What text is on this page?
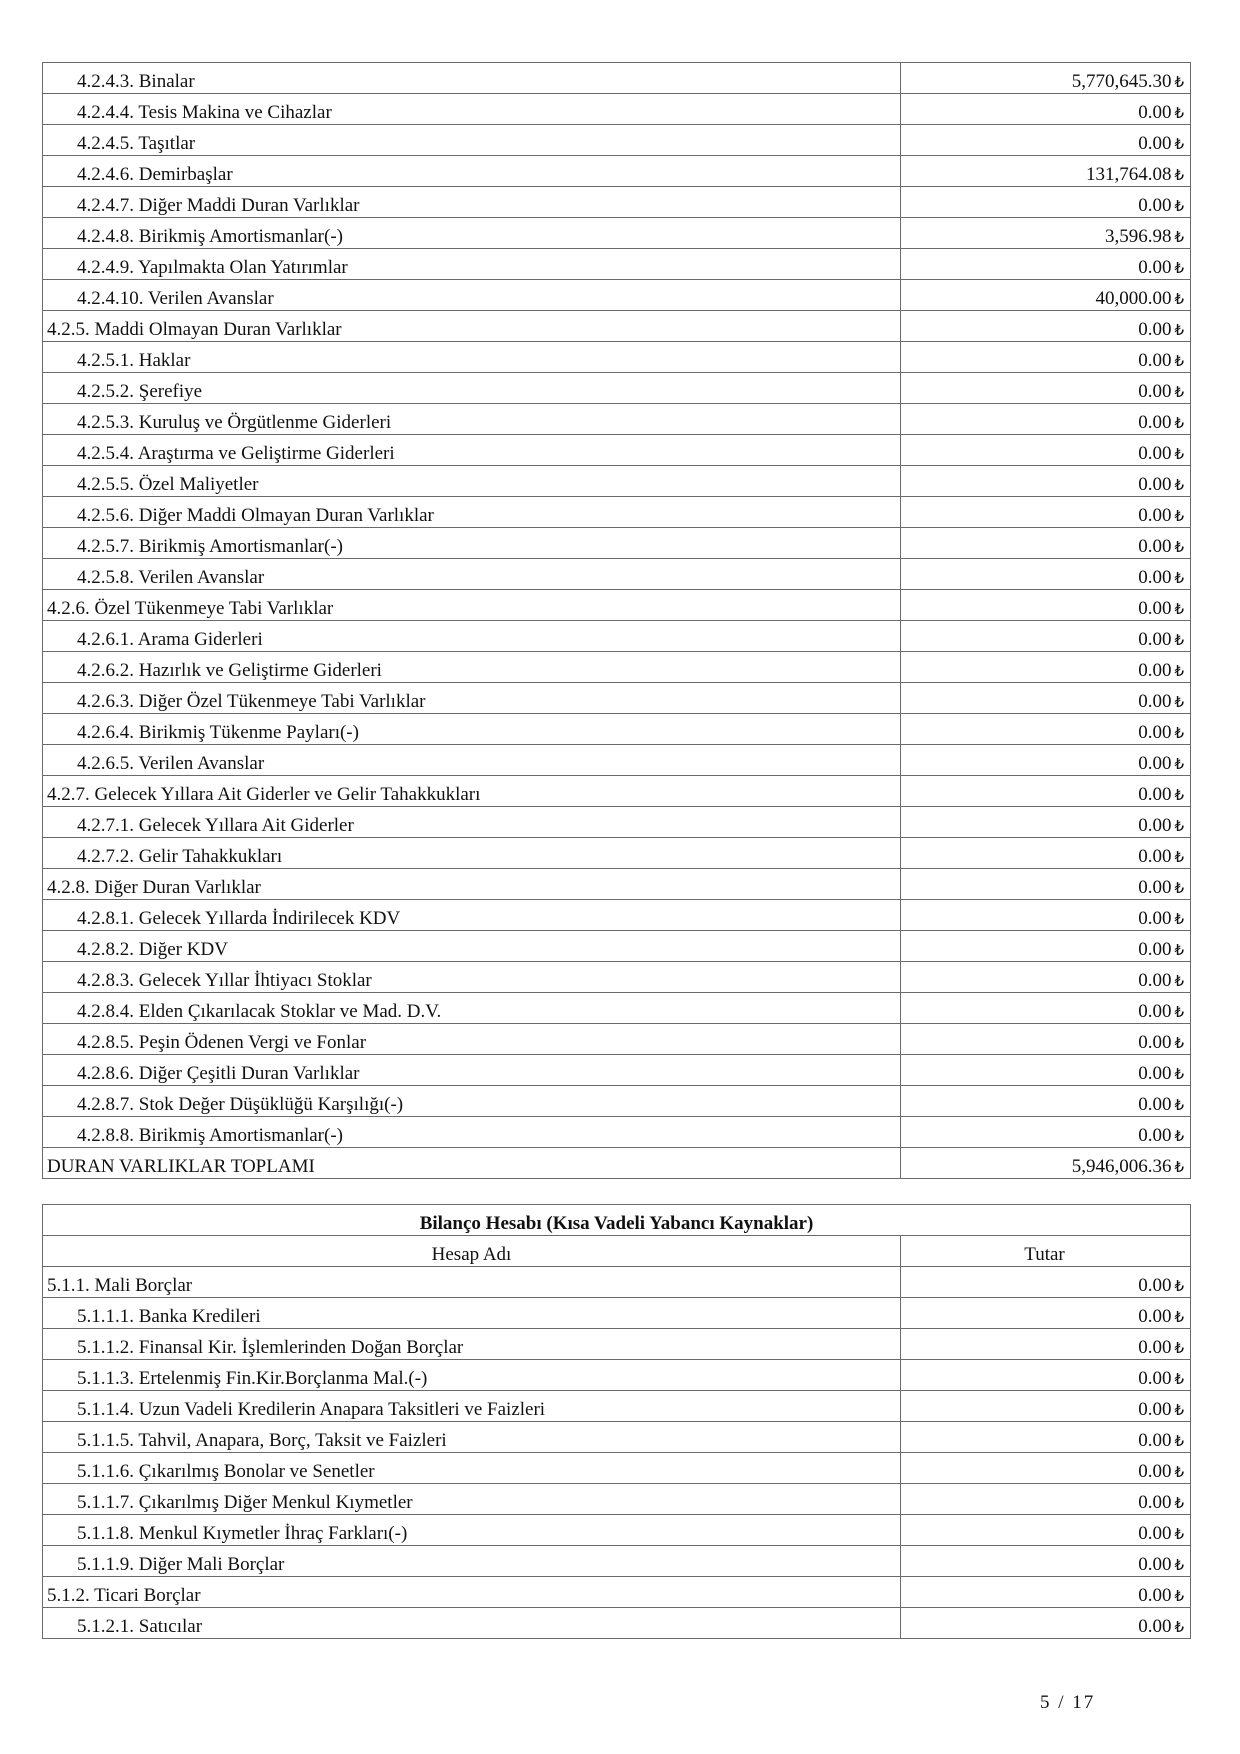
4.2.4.3. Binalar	5,770,645.30 ₺
4.2.4.4. Tesis Makina ve Cihazlar	0.00 ₺
4.2.4.5. Taşıtlar	0.00 ₺
4.2.4.6. Demirbaşlar	131,764.08 ₺
4.2.4.7. Diğer Maddi Duran Varlıklar	0.00 ₺
4.2.4.8. Birikmiş Amortismanlar(-)	3,596.98 ₺
4.2.4.9. Yapılmakta Olan Yatırımlar	0.00 ₺
4.2.4.10. Verilen Avanslar	40,000.00 ₺
4.2.5. Maddi Olmayan Duran Varlıklar	0.00 ₺
4.2.5.1. Haklar	0.00 ₺
4.2.5.2. Şerefiye	0.00 ₺
4.2.5.3. Kuruluş ve Örgütlenme Giderleri	0.00 ₺
4.2.5.4. Araştırma ve Geliştirme Giderleri	0.00 ₺
4.2.5.5. Özel Maliyetler	0.00 ₺
4.2.5.6. Diğer Maddi Olmayan Duran Varlıklar	0.00 ₺
4.2.5.7. Birikmiş Amortismanlar(-)	0.00 ₺
4.2.5.8. Verilen Avanslar	0.00 ₺
4.2.6. Özel Tükenmeye Tabi Varlıklar	0.00 ₺
4.2.6.1. Arama Giderleri	0.00 ₺
4.2.6.2. Hazırlık ve Geliştirme Giderleri	0.00 ₺
4.2.6.3. Diğer Özel Tükenmeye Tabi Varlıklar	0.00 ₺
4.2.6.4. Birikmiş Tükenme Payları(-)	0.00 ₺
4.2.6.5. Verilen Avanslar	0.00 ₺
4.2.7. Gelecek Yıllara Ait Giderler ve Gelir Tahakkukları	0.00 ₺
4.2.7.1. Gelecek Yıllara Ait Giderler	0.00 ₺
4.2.7.2. Gelir Tahakkukları	0.00 ₺
4.2.8. Diğer Duran Varlıklar	0.00 ₺
4.2.8.1. Gelecek Yıllarda İndirilecek KDV	0.00 ₺
4.2.8.2. Diğer KDV	0.00 ₺
4.2.8.3. Gelecek Yıllar İhtiyacı Stoklar	0.00 ₺
4.2.8.4. Elden Çıkarılacak Stoklar ve Mad. D.V.	0.00 ₺
4.2.8.5. Peşin Ödenen Vergi ve Fonlar	0.00 ₺
4.2.8.6. Diğer Çeşitli Duran Varlıklar	0.00 ₺
4.2.8.7. Stok Değer Düşüklüğü Karşılığı(-)	0.00 ₺
4.2.8.8. Birikmiş Amortismanlar(-)	0.00 ₺
DURAN VARLIKLAR TOPLAMI	5,946,006.36 ₺
Bilanço Hesabı (Kısa Vadeli Yabancı Kaynaklar)	
Hesap Adı	Tutar
5.1.1. Mali Borçlar	0.00 ₺
5.1.1.1. Banka Kredileri	0.00 ₺
5.1.1.2. Finansal Kir. İşlemlerinden Doğan Borçlar	0.00 ₺
5.1.1.3. Ertelenmiş Fin.Kir.Borçlanma Mal.(-)	0.00 ₺
5.1.1.4. Uzun Vadeli Kredilerin Anapara Taksitleri ve Faizleri	0.00 ₺
5.1.1.5. Tahvil, Anapara, Borç, Taksit ve Faizleri	0.00 ₺
5.1.1.6. Çıkarılmış Bonolar ve Senetler	0.00 ₺
5.1.1.7. Çıkarılmış Diğer Menkul Kıymetler	0.00 ₺
5.1.1.8. Menkul Kıymetler İhraç Farkları(-)	0.00 ₺
5.1.1.9. Diğer Mali Borçlar	0.00 ₺
5.1.2. Ticari Borçlar	0.00 ₺
5.1.2.1. Satıcılar	0.00 ₺
5 / 17
